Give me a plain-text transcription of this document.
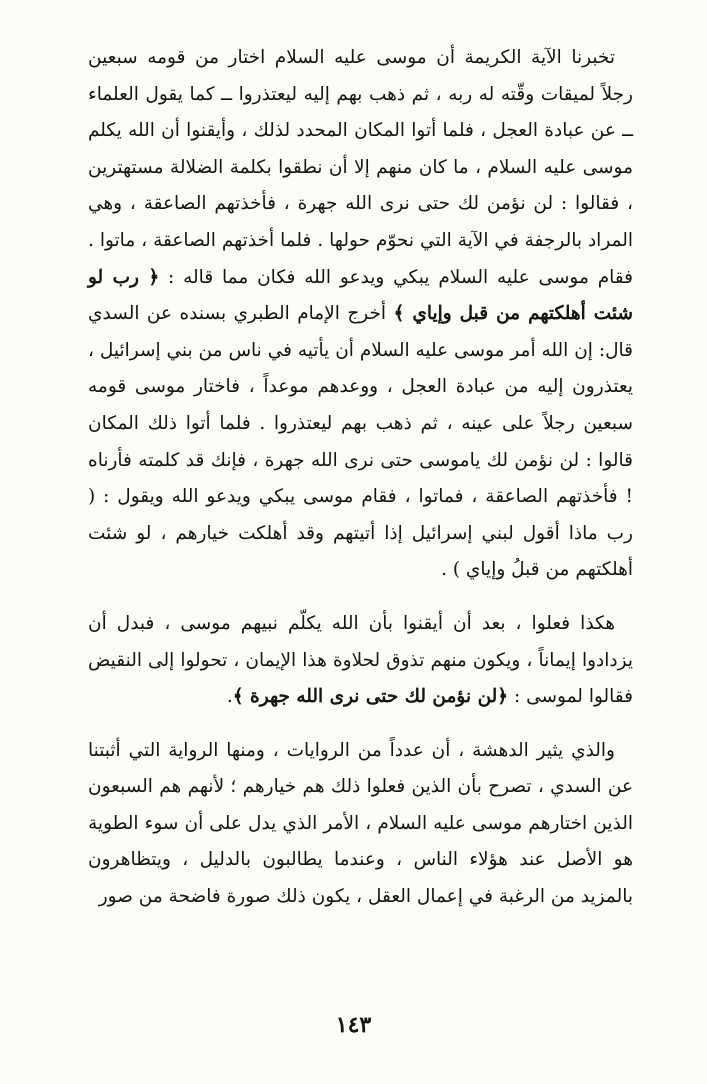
تخبرنا الآية الكريمة أن موسى عليه السلام اختار من قومه سبعين رجلاً لميقات وقّته له ربه ، ثم ذهب بهم إليه ليعتذروا ــ كما يقول العلماء ــ عن عبادة العجل ، فلما أتوا المكان المحدد لذلك ، وأيقنوا أن الله يكلم موسى عليه السلام ، ما كان منهم إلا أن نطقوا بكلمة الضلالة مستهترين ، فقالوا : لن نؤمن لك حتى نرى الله جهرة ، فأخذتهم الصاعقة ، وهي المراد بالرجفة في الآية التي نحوّم حولها . فلما أخذتهم الصاعقة ، ماتوا . فقام موسى عليه السلام يبكي ويدعو الله فكان مما قاله : ﴿ رب لو شئت أهلكتهم من قبل وإياي ﴾ أخرج الإمام الطبري بسنده عن السدي قال: إن الله أمر موسى عليه السلام أن يأتيه في ناس من بني إسرائيل ، يعتذرون إليه من عبادة العجل ، ووعدهم موعداً ، فاختار موسى قومه سبعين رجلاً على عينه ، ثم ذهب بهم ليعتذروا . فلما أتوا ذلك المكان قالوا : لن نؤمن لك ياموسى حتى نرى الله جهرة ، فإنك قد كلمته فأرناه ! فأخذتهم الصاعقة ، فماتوا ، فقام موسى يبكي ويدعو الله ويقول : ( رب ماذا أقول لبني إسرائيل إذا أتيتهم وقد أهلكت خيارهم ، لو شئت أهلكتهم من قبلُ وإياي ) .

هكذا فعلوا ، بعد أن أيقنوا بأن الله يكلّم نبيهم موسى ، فبدل أن يزدادوا إيماناً ، ويكون منهم تذوق لحلاوة هذا الإيمان ، تحولوا إلى النقيض فقالوا لموسى : ﴿لن نؤمن لك حتى نرى الله جهرة ﴾.

والذي يثير الدهشة ، أن عدداً من الروايات ، ومنها الرواية التي أثبتنا عن السدي ، تصرح بأن الذين فعلوا ذلك هم خيارهم ؛ لأنهم هم السبعون الذين اختارهم موسى عليه السلام ، الأمر الذي يدل على أن سوء الطوية هو الأصل عند هؤلاء الناس ، وعندما يطالبون بالدليل ، ويتظاهرون بالمزيد من الرغبة في إعمال العقل ، يكون ذلك صورة فاضحة من صور

١٤٣
